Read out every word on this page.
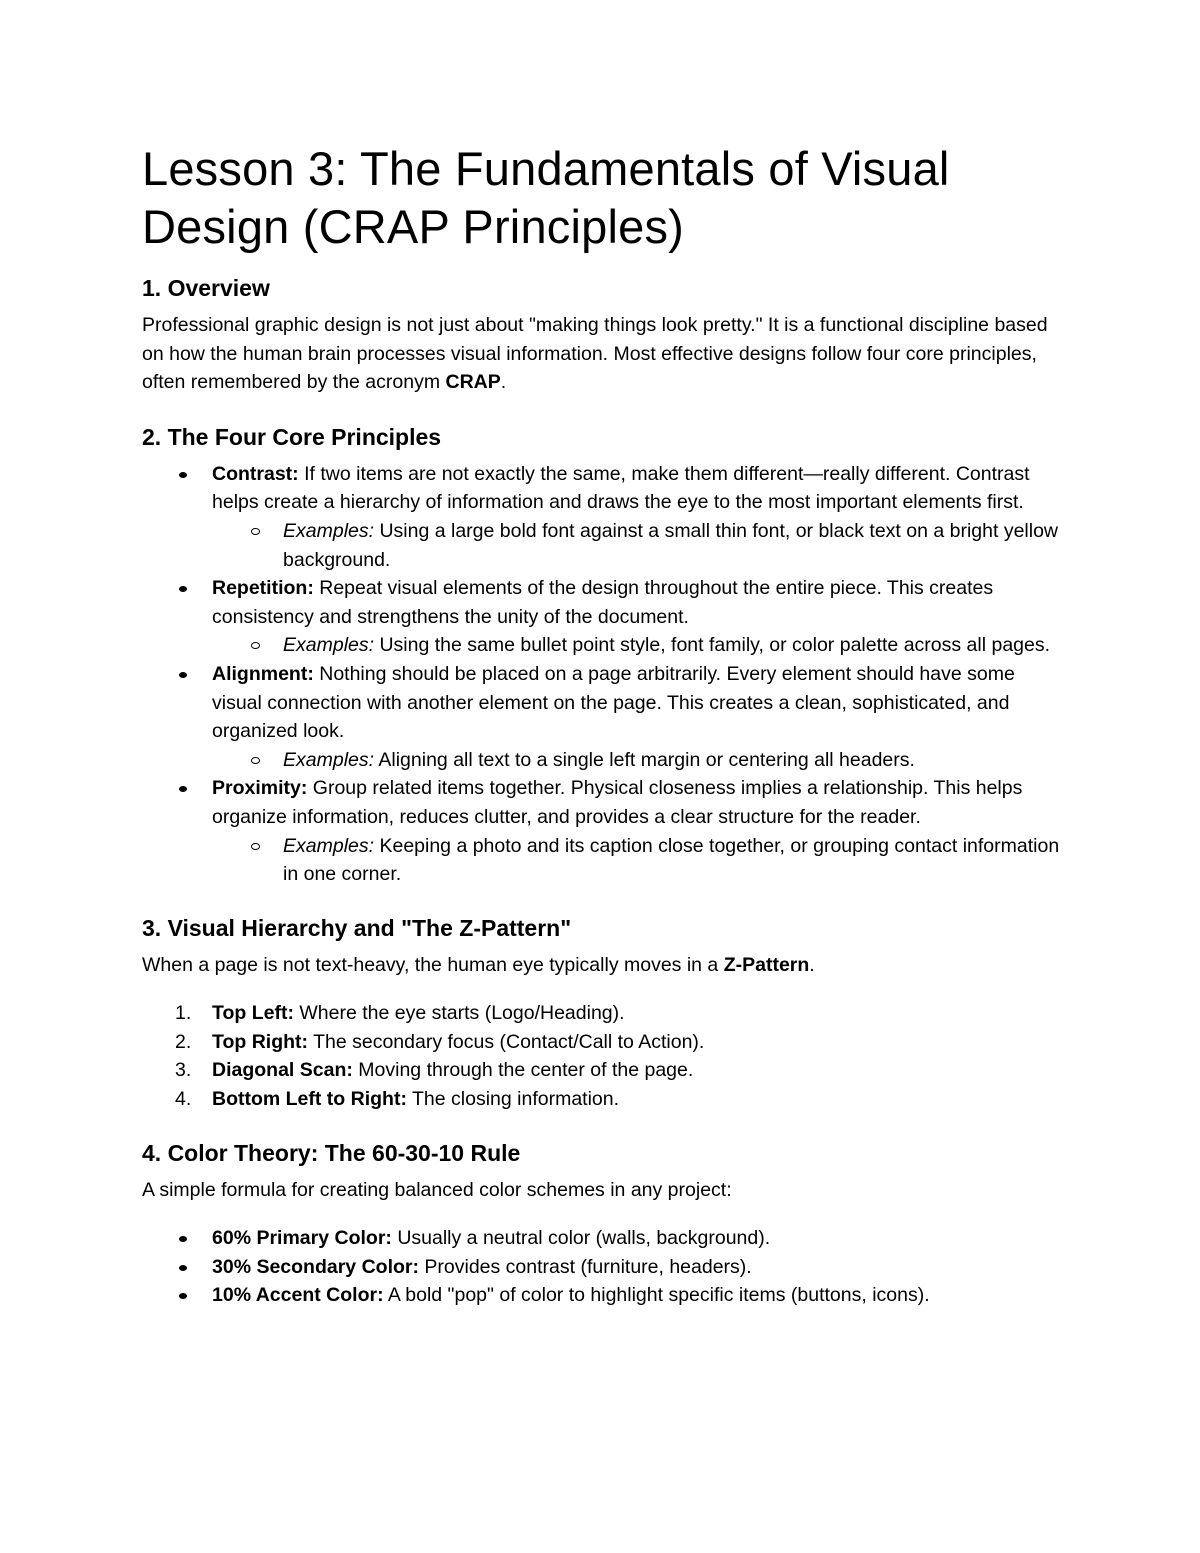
Lesson 3: The Fundamentals of Visual Design (CRAP Principles)
1. Overview

Professional graphic design is not just about "making things look pretty." It is a functional discipline based on how the human brain processes visual information. Most effective designs follow four core principles, often remembered by the acronym CRAP.

2. The Four Core Principles
Contrast: If two items are not exactly the same, make them different—really different. Contrast helps create a hierarchy of information and draws the eye to the most important elements first.
Examples: Using a large bold font against a small thin font, or black text on a bright yellow background.
Repetition: Repeat visual elements of the design throughout the entire piece. This creates consistency and strengthens the unity of the document.
Examples: Using the same bullet point style, font family, or color palette across all pages.
Alignment: Nothing should be placed on a page arbitrarily. Every element should have some visual connection with another element on the page. This creates a clean, sophisticated, and organized look.
Examples: Aligning all text to a single left margin or centering all headers.
Proximity: Group related items together. Physical closeness implies a relationship. This helps organize information, reduces clutter, and provides a clear structure for the reader.
Examples: Keeping a photo and its caption close together, or grouping contact information in one corner.
3. Visual Hierarchy and "The Z-Pattern"

When a page is not text-heavy, the human eye typically moves in a Z-Pattern.

1. Top Left: Where the eye starts (Logo/Heading).
2. Top Right: The secondary focus (Contact/Call to Action).
3. Diagonal Scan: Moving through the center of the page.
4. Bottom Left to Right: The closing information.
4. Color Theory: The 60-30-10 Rule

A simple formula for creating balanced color schemes in any project:

60% Primary Color: Usually a neutral color (walls, background).
30% Secondary Color: Provides contrast (furniture, headers).
10% Accent Color: A bold "pop" of color to highlight specific items (buttons, icons).
